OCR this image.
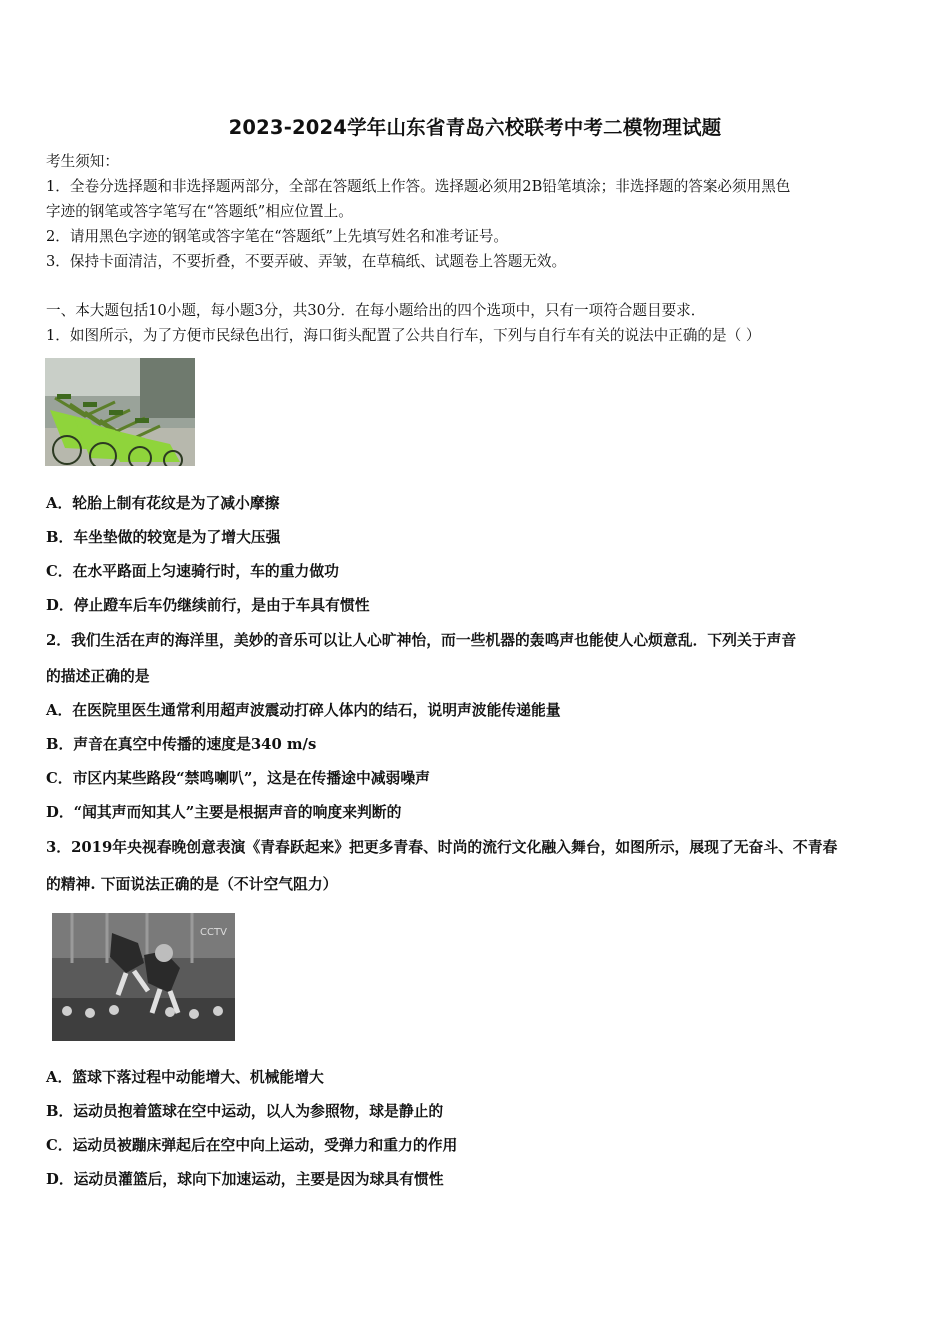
2023-2024学年山东省青岛六校联考中考二模物理试题
考生须知：
1．全卷分选择题和非选择题两部分，全部在答题纸上作答。选择题必须用2B铅笔填涂；非选择题的答案必须用黑色
字迹的钢笔或答字笔写在“答题纸”相应位置上。
2．请用黑色字迹的钢笔或答字笔在“答题纸”上先填写姓名和准考证号。
3．保持卡面清洁，不要折叠，不要弄破、弄皱，在草稿纸、试题卷上答题无效。
一、本大题包括10小题，每小题3分，共30分．在每小题给出的四个选项中，只有一项符合题目要求．
1．如图所示，为了方便市民绿色出行，海口街头配置了公共自行车，下列与自行车有关的说法中正确的是（ ）
A．轮胎上制有花纹是为了减小摩擦
B．车坐垫做的较宽是为了增大压强
C．在水平路面上匀速骑行时，车的重力做功
D．停止蹬车后车仍继续前行，是由于车具有惯性
2．我们生活在声的海洋里，美妙的音乐可以让人心旷神怡，而一些机器的轰鸣声也能使人心烦意乱．下列关于声音
的描述正确的是
A．在医院里医生通常利用超声波震动打碎人体内的结石，说明声波能传递能量
B．声音在真空中传播的速度是340 m/s
C．市区内某些路段“禁鸣喇叭”，这是在传播途中减弱噪声
D．“闻其声而知其人”主要是根据声音的响度来判断的
3．2019年央视春晚创意表演《青春跃起来》把更多青春、时尚的流行文化融入舞台，如图所示，展现了无奋斗、不青春
的精神. 下面说法正确的是（不计空气阻力）
CCTV
A．篮球下落过程中动能增大、机械能增大
B．运动员抱着篮球在空中运动，以人为参照物，球是静止的
C．运动员被蹦床弹起后在空中向上运动，受弹力和重力的作用
D．运动员灌篮后，球向下加速运动，主要是因为球具有惯性
